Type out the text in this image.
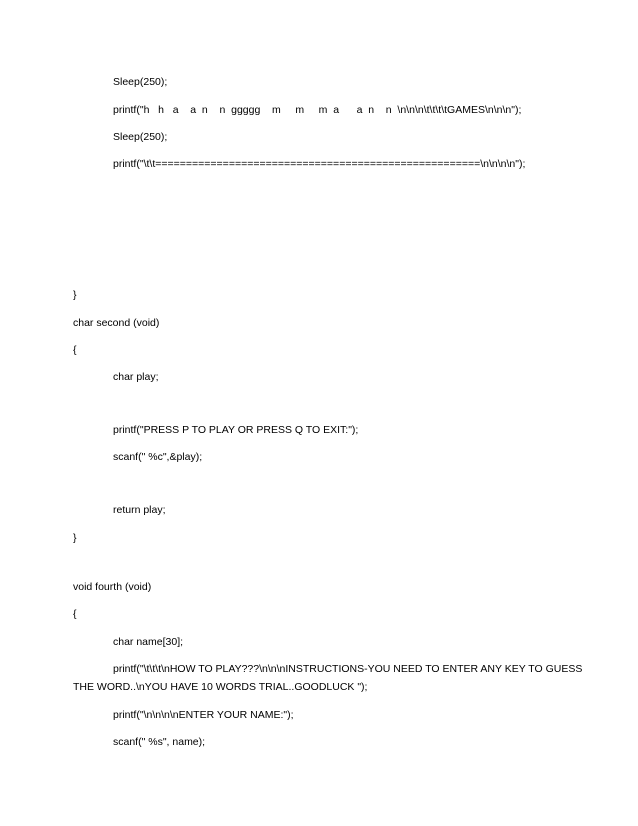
Sleep(250);
printf("h   h   a    a  n    n  ggggg    m     m     m  a      a  n    n  \n\n\n\t\t\t\tGAMES\n\n\n");
Sleep(250);
printf("\t\t=====================================================\n\n\n\n");
}
char second (void)
{
char play;
printf("PRESS P TO PLAY OR PRESS Q TO EXIT:");
scanf(" %c",&play);
return play;
}
void fourth (void)
{
char name[30];
printf("\t\t\t\nHOW TO PLAY???\n\n\nINSTRUCTIONS-YOU NEED TO ENTER ANY KEY TO GUESS
THE WORD..\nYOU HAVE 10 WORDS TRIAL..GOODLUCK ");
printf("\n\n\n\nENTER YOUR NAME:");
scanf(" %s", name);
